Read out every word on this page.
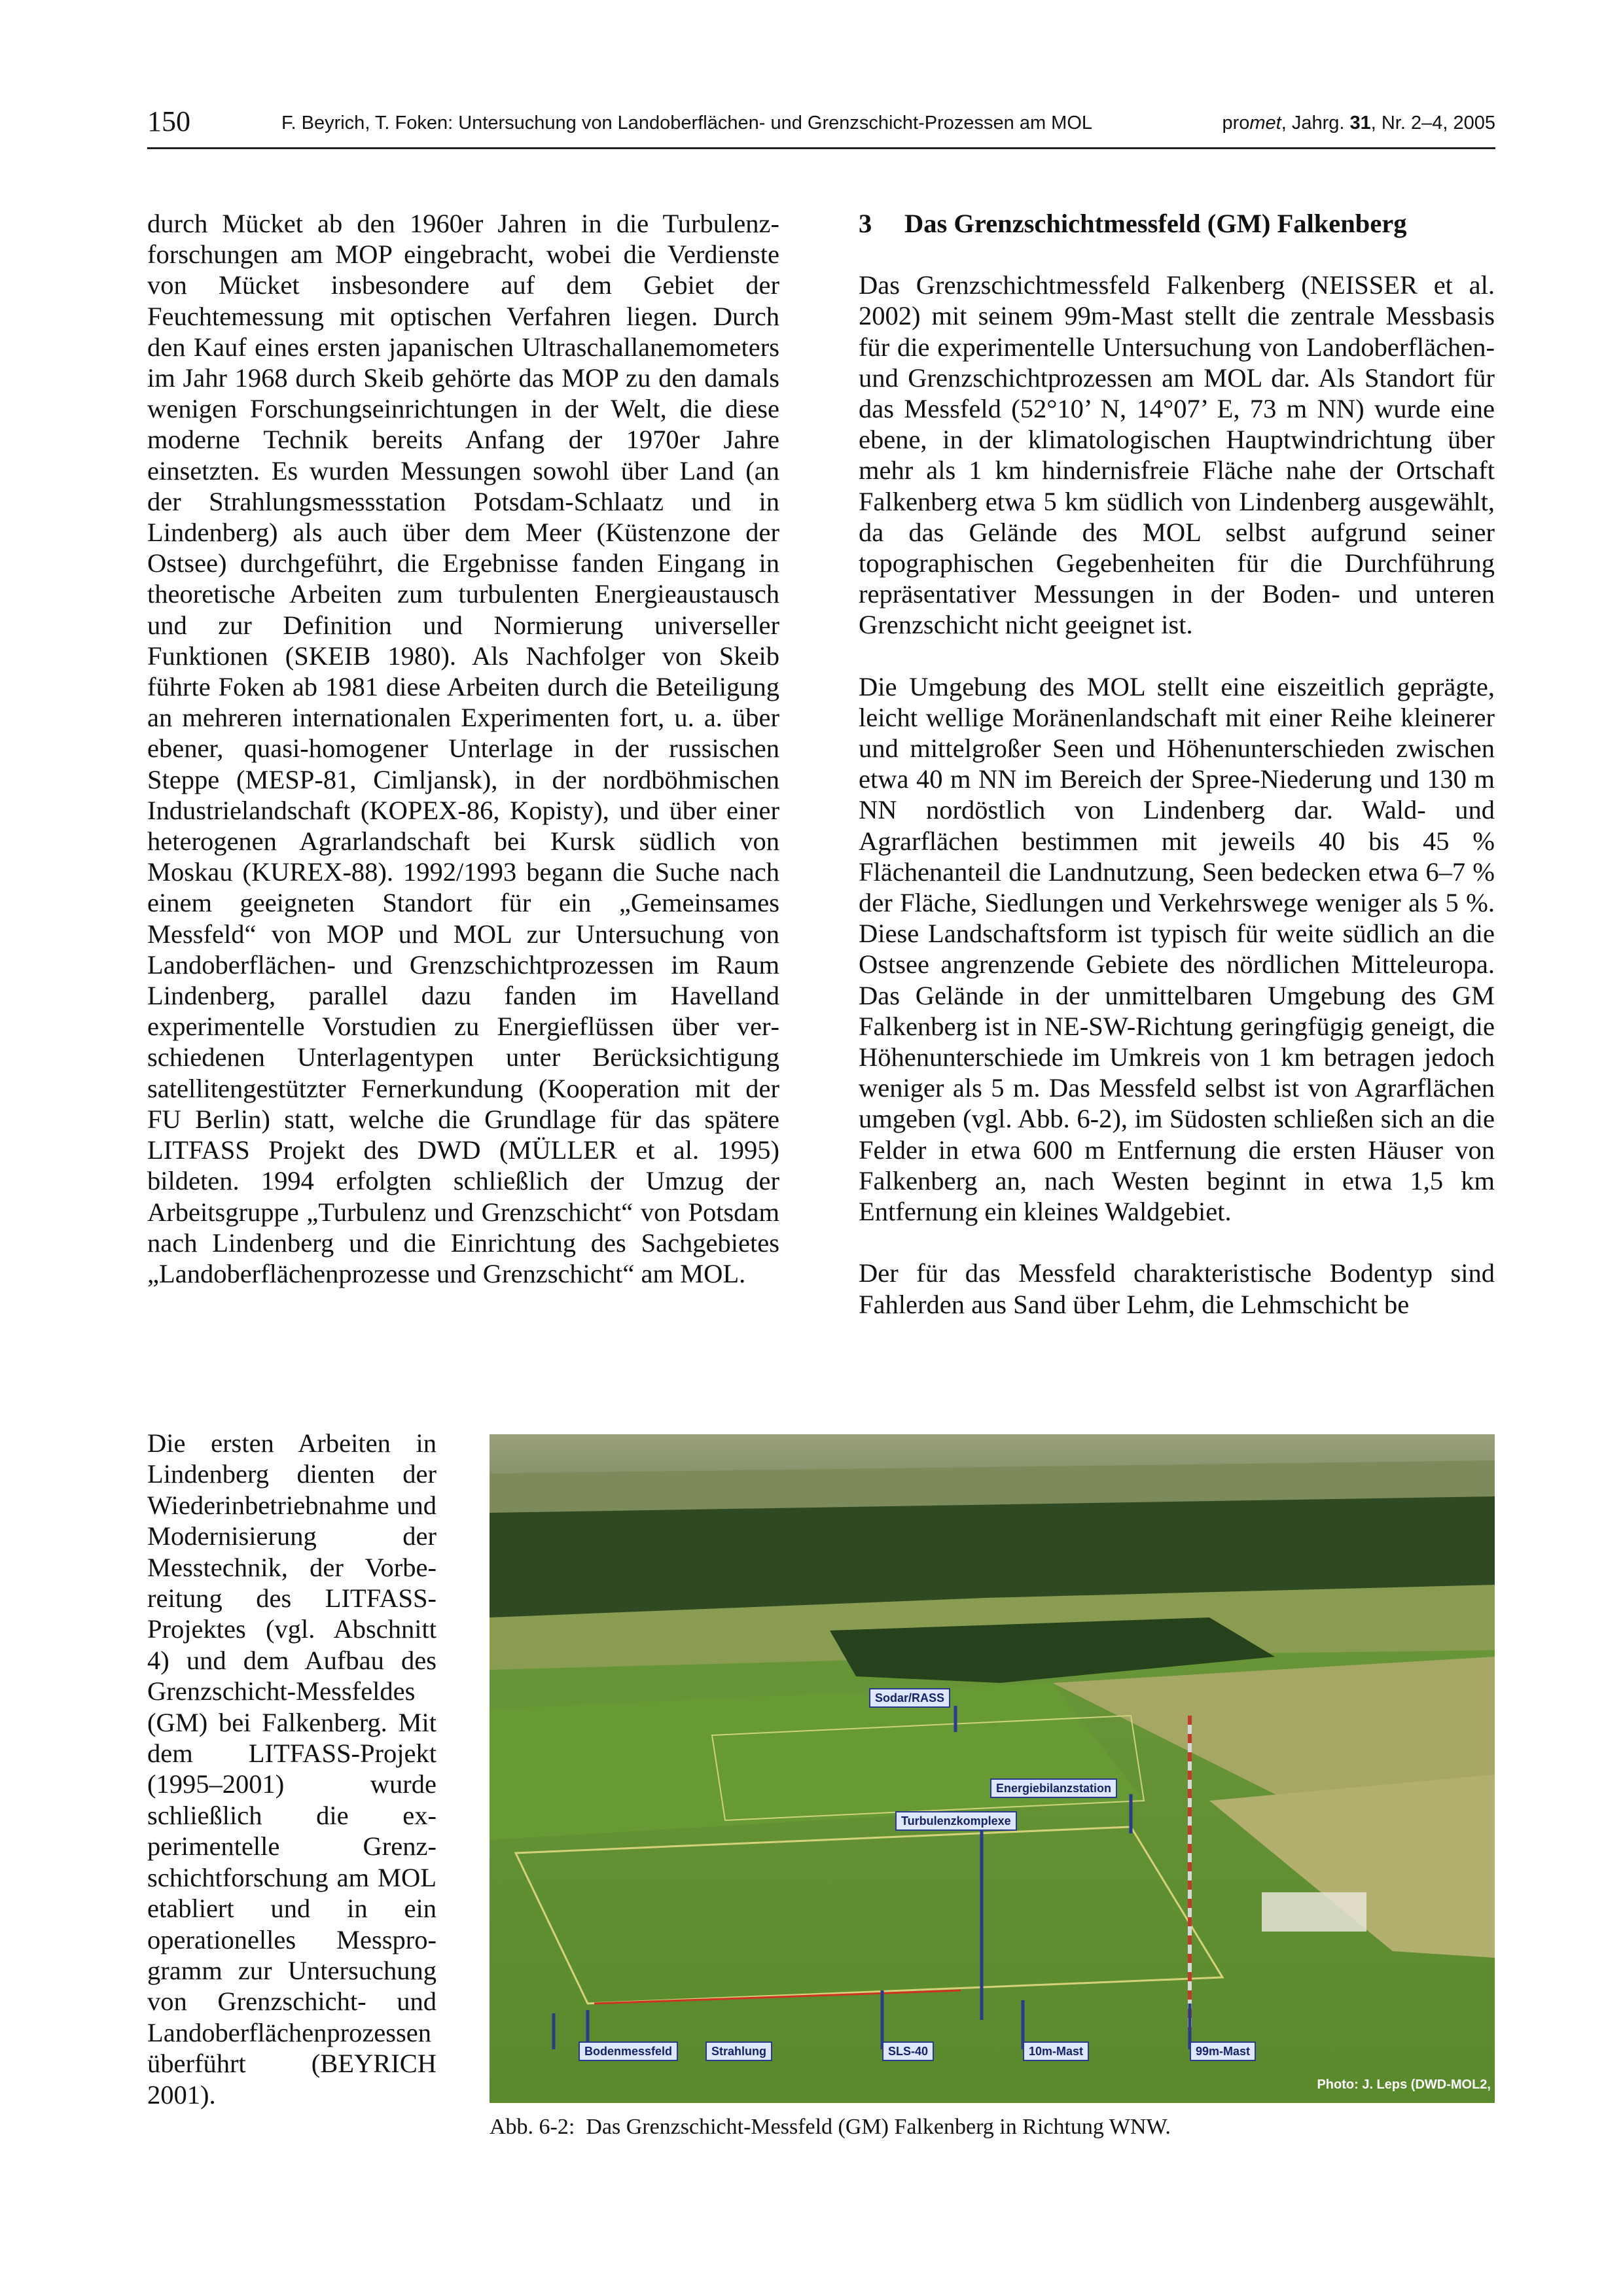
150	F. Beyrich, T. Foken: Untersuchung von Landoberflächen- und Grenzschicht-Prozessen am MOL	promet, Jahrg. 31, Nr. 2–4, 2005

durch Mücket ab den 1960er Jahren in die Turbulenzforschungen am MOP eingebracht, wobei die Verdienste von Mücket insbesondere auf dem Gebiet der Feuchtemessung mit optischen Verfahren liegen. Durch den Kauf eines ersten japanischen Ultraschallanemometers im Jahr 1968 durch Skeib gehörte das MOP zu den damals wenigen Forschungseinrichtungen in der Welt, die diese moderne Technik bereits Anfang der 1970er Jahre einsetzten. Es wurden Messungen sowohl über Land (an der Strahlungsmessstation Potsdam-Schlaatz und in Lindenberg) als auch über dem Meer (Küstenzone der Ostsee) durchgeführt, die Ergebnisse fanden Eingang in theoretische Arbeiten zum turbulenten Energieaustausch und zur Definition und Normierung universeller Funktionen (SKEIB 1980). Als Nachfolger von Skeib führte Foken ab 1981 diese Arbeiten durch die Beteiligung an mehreren internationalen Experimenten fort, u. a. über ebener, quasi-homogener Unterlage in der russischen Steppe (MESP-81, Cimljansk), in der nordböhmischen Industrielandschaft (KOPEX-86, Kopisty), und über einer heterogenen Agrarlandschaft bei Kursk südlich von Moskau (KUREX-88). 1992/1993 begann die Suche nach einem geeigneten Standort für ein „Gemeinsames Messfeld“ von MOP und MOL zur Untersuchung von Landoberflächen- und Grenzschichtprozessen im Raum Lindenberg, parallel dazu fanden im Havelland experimentelle Vorstudien zu Energieflüssen über verschiedenen Unterlagentypen unter Berücksichtigung satellitengestützter Fernerkundung (Kooperation mit der FU Berlin) statt, welche die Grundlage für das spätere LITFASS Projekt des DWD (MÜLLER et al. 1995) bildeten. 1994 erfolgten schließlich der Umzug der Arbeitsgruppe „Turbulenz und Grenzschicht“ von Potsdam nach Lindenberg und die Einrichtung des Sachgebietes „Landoberflächenprozesse und Grenzschicht“ am MOL.

3 Das Grenzschichtmessfeld (GM) Falkenberg

Das Grenzschichtmessfeld Falkenberg (NEISSER et al. 2002) mit seinem 99m-Mast stellt die zentrale Messbasis für die experimentelle Untersuchung von Landoberflächen- und Grenzschichtprozessen am MOL dar. Als Standort für das Messfeld (52°10’ N, 14°07’ E, 73 m NN) wurde eine ebene, in der klimatologischen Hauptwindrichtung über mehr als 1 km hindernisfreie Fläche nahe der Ortschaft Falkenberg etwa 5 km südlich von Lindenberg ausgewählt, da das Gelände des MOL selbst aufgrund seiner topographischen Gegebenheiten für die Durchführung repräsentativer Messungen in der Boden- und unteren Grenzschicht nicht geeignet ist.

Die Umgebung des MOL stellt eine eiszeitlich geprägte, leicht wellige Moränenlandschaft mit einer Reihe kleinerer und mittelgroßer Seen und Höhenunterschieden zwischen etwa 40 m NN im Bereich der Spree-Niederung und 130 m NN nordöstlich von Lindenberg dar. Wald- und Agrarflächen bestimmen mit jeweils 40 bis 45 % Flächenanteil die Landnutzung, Seen bedecken etwa 6–7 % der Fläche, Siedlungen und Verkehrswege weniger als 5 %. Diese Landschaftsform ist typisch für weite südlich an die Ostsee angrenzende Gebiete des nördlichen Mitteleuropa. Das Gelände in der unmittelbaren Umgebung des GM Falkenberg ist in NE-SW-Richtung geringfügig geneigt, die Höhenunterschiede im Umkreis von 1 km betragen jedoch weniger als 5 m. Das Messfeld selbst ist von Agrarflächen umgeben (vgl. Abb. 6-2), im Südosten schließen sich an die Felder in etwa 600 m Entfernung die ersten Häuser von Falkenberg an, nach Westen beginnt in etwa 1,5 km Entfernung ein kleines Waldgebiet.

Der für das Messfeld charakteristische Bodentyp sind Fahlerden aus Sand über Lehm, die Lehmschicht be

Die ersten Arbeiten in Lindenberg dienten der Wiederinbetriebnahme und Modernisierung der Messtechnik, der Vorbereitung des LITFASS-Projektes (vgl. Abschnitt 4) und dem Aufbau des Grenzschicht-Messfeldes (GM) bei Falkenberg. Mit dem LITFASS-Projekt (1995–2001) wurde schließlich die experimentelle Grenzschichtforschung am MOL etabliert und in ein operationelles Messprogramm zur Untersuchung von Grenzschicht- und Landoberflächenprozessen überführt (BEYRICH 2001).

Sodar/RASS
Energiebilanzstation
Turbulenzkomplexe
Bodenmessfeld	Strahlung	SLS-40	10m-Mast	99m-Mast
Photo: J. Leps (DWD-MOL2,
Abb. 6-2: Das Grenzschicht-Messfeld (GM) Falkenberg in Richtung WNW.
